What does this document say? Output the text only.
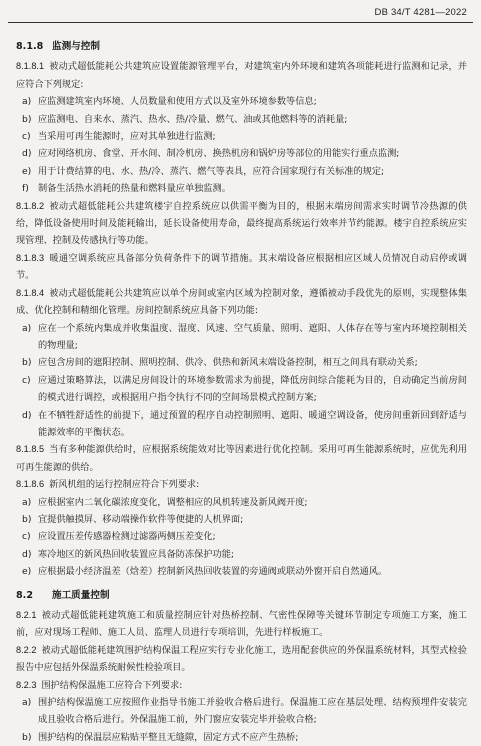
DB 34/T 4281—2022
8.1.8 监测与控制
8.1.8.1 被动式超低能耗公共建筑应设置能源管理平台，对建筑室内外环境和建筑各项能耗进行监测和记录，并应符合下列规定:
a) 应监测建筑室内环境、人员数量和使用方式以及室外环境参数等信息;
b) 应监测电、自来水、蒸汽、热水、热/冷量、燃气、油或其他燃料等的消耗量;
c) 当采用可再生能源时，应对其单独进行监测;
d) 应对网络机房、食堂、开水间、制冷机房、换热机房和锅炉房等部位的用能实行重点监测;
e) 用于计费结算的电、水、热/冷、蒸汽、燃气等表具，应符合国家现行有关标准的规定;
f) 制备生活热水消耗的热量和燃料量应单独监测。
8.1.8.2 被动式超低能耗公共建筑楼宇自控系统应以供需平衡为目的，根据末端房间需求实时调节冷热源的供给，降低设备使用时间及能耗输出，延长设备使用寿命，最终提高系统运行效率并节约能源。楼宇自控系统应实现管理、控制及传感执行等功能。
8.1.8.3 暖通空调系统应具备部分负荷条件下的调节措施。其末端设备应根据相应区域人员情况自动启停或调节。
8.1.8.4 被动式超低能耗公共建筑应以单个房间或室内区域为控制对象，遵循被动手段优先的原则，实现整体集成、优化控制和精细化管理。房间控制系统应具备下列功能:
a) 应在一个系统内集成并收集温度、湿度、风速、空气质量、照明、遮阳、人体存在等与室内环境控制相关的物理量;
b) 应包含房间的遮阳控制、照明控制、供冷、供热和新风末端设备控制，相互之间具有联动关系;
c) 应通过策略算法，以满足房间设计的环境参数需求为前提，降低房间综合能耗为目的，自动确定当前房间的模式进行调控，或根据用户指令执行不同的空间场景模式控制方案;
d) 在不牺牲舒适性的前提下，通过预置的程序自动控制照明、遮阳、暖通空调设备，使房间重新回到舒适与能源效率的平衡状态。
8.1.8.5 当有多种能源供给时，应根据系统能效对比等因素进行优化控制。采用可再生能源系统时，应优先利用可再生能源的供给。
8.1.8.6 新风机组的运行控制应符合下列要求:
a) 应根据室内二氧化碳浓度变化，调整相应的风机转速及新风阀开度;
b) 宜提供触摸屏、移动端操作软件等便捷的人机界面;
c) 应设置压差传感器检测过滤器两侧压差变化;
d) 寒冷地区的新风热回收装置应具备防冻保护功能;
e) 应根据最小经济温差（焓差）控制新风热回收装置的旁通阀或联动外窗开启自然通风。
8.2 施工质量控制
8.2.1 被动式超低能耗建筑施工和质量控制应针对热桥控制、气密性保障等关键环节制定专项施工方案，施工前，应对现场工程师、施工人员、监理人员进行专项培训，先进行样板施工。
8.2.2 被动式超低能耗建筑围护结构保温工程应实行专业化施工，选用配套供应的外保温系统材料，其型式检验报告中应包括外保温系统耐候性检验项目。
8.2.3 围护结构保温施工应符合下列要求:
a) 围护结构保温施工应按照作业指导书施工并验收合格后进行。保温施工应在基层处理、结构预埋件安装完成且验收合格后进行。外保温施工前，外门窗应安装完毕并验收合格;
b) 围护结构的保温层应粘贴平整且无缝隙，固定方式不应产生热桥;
